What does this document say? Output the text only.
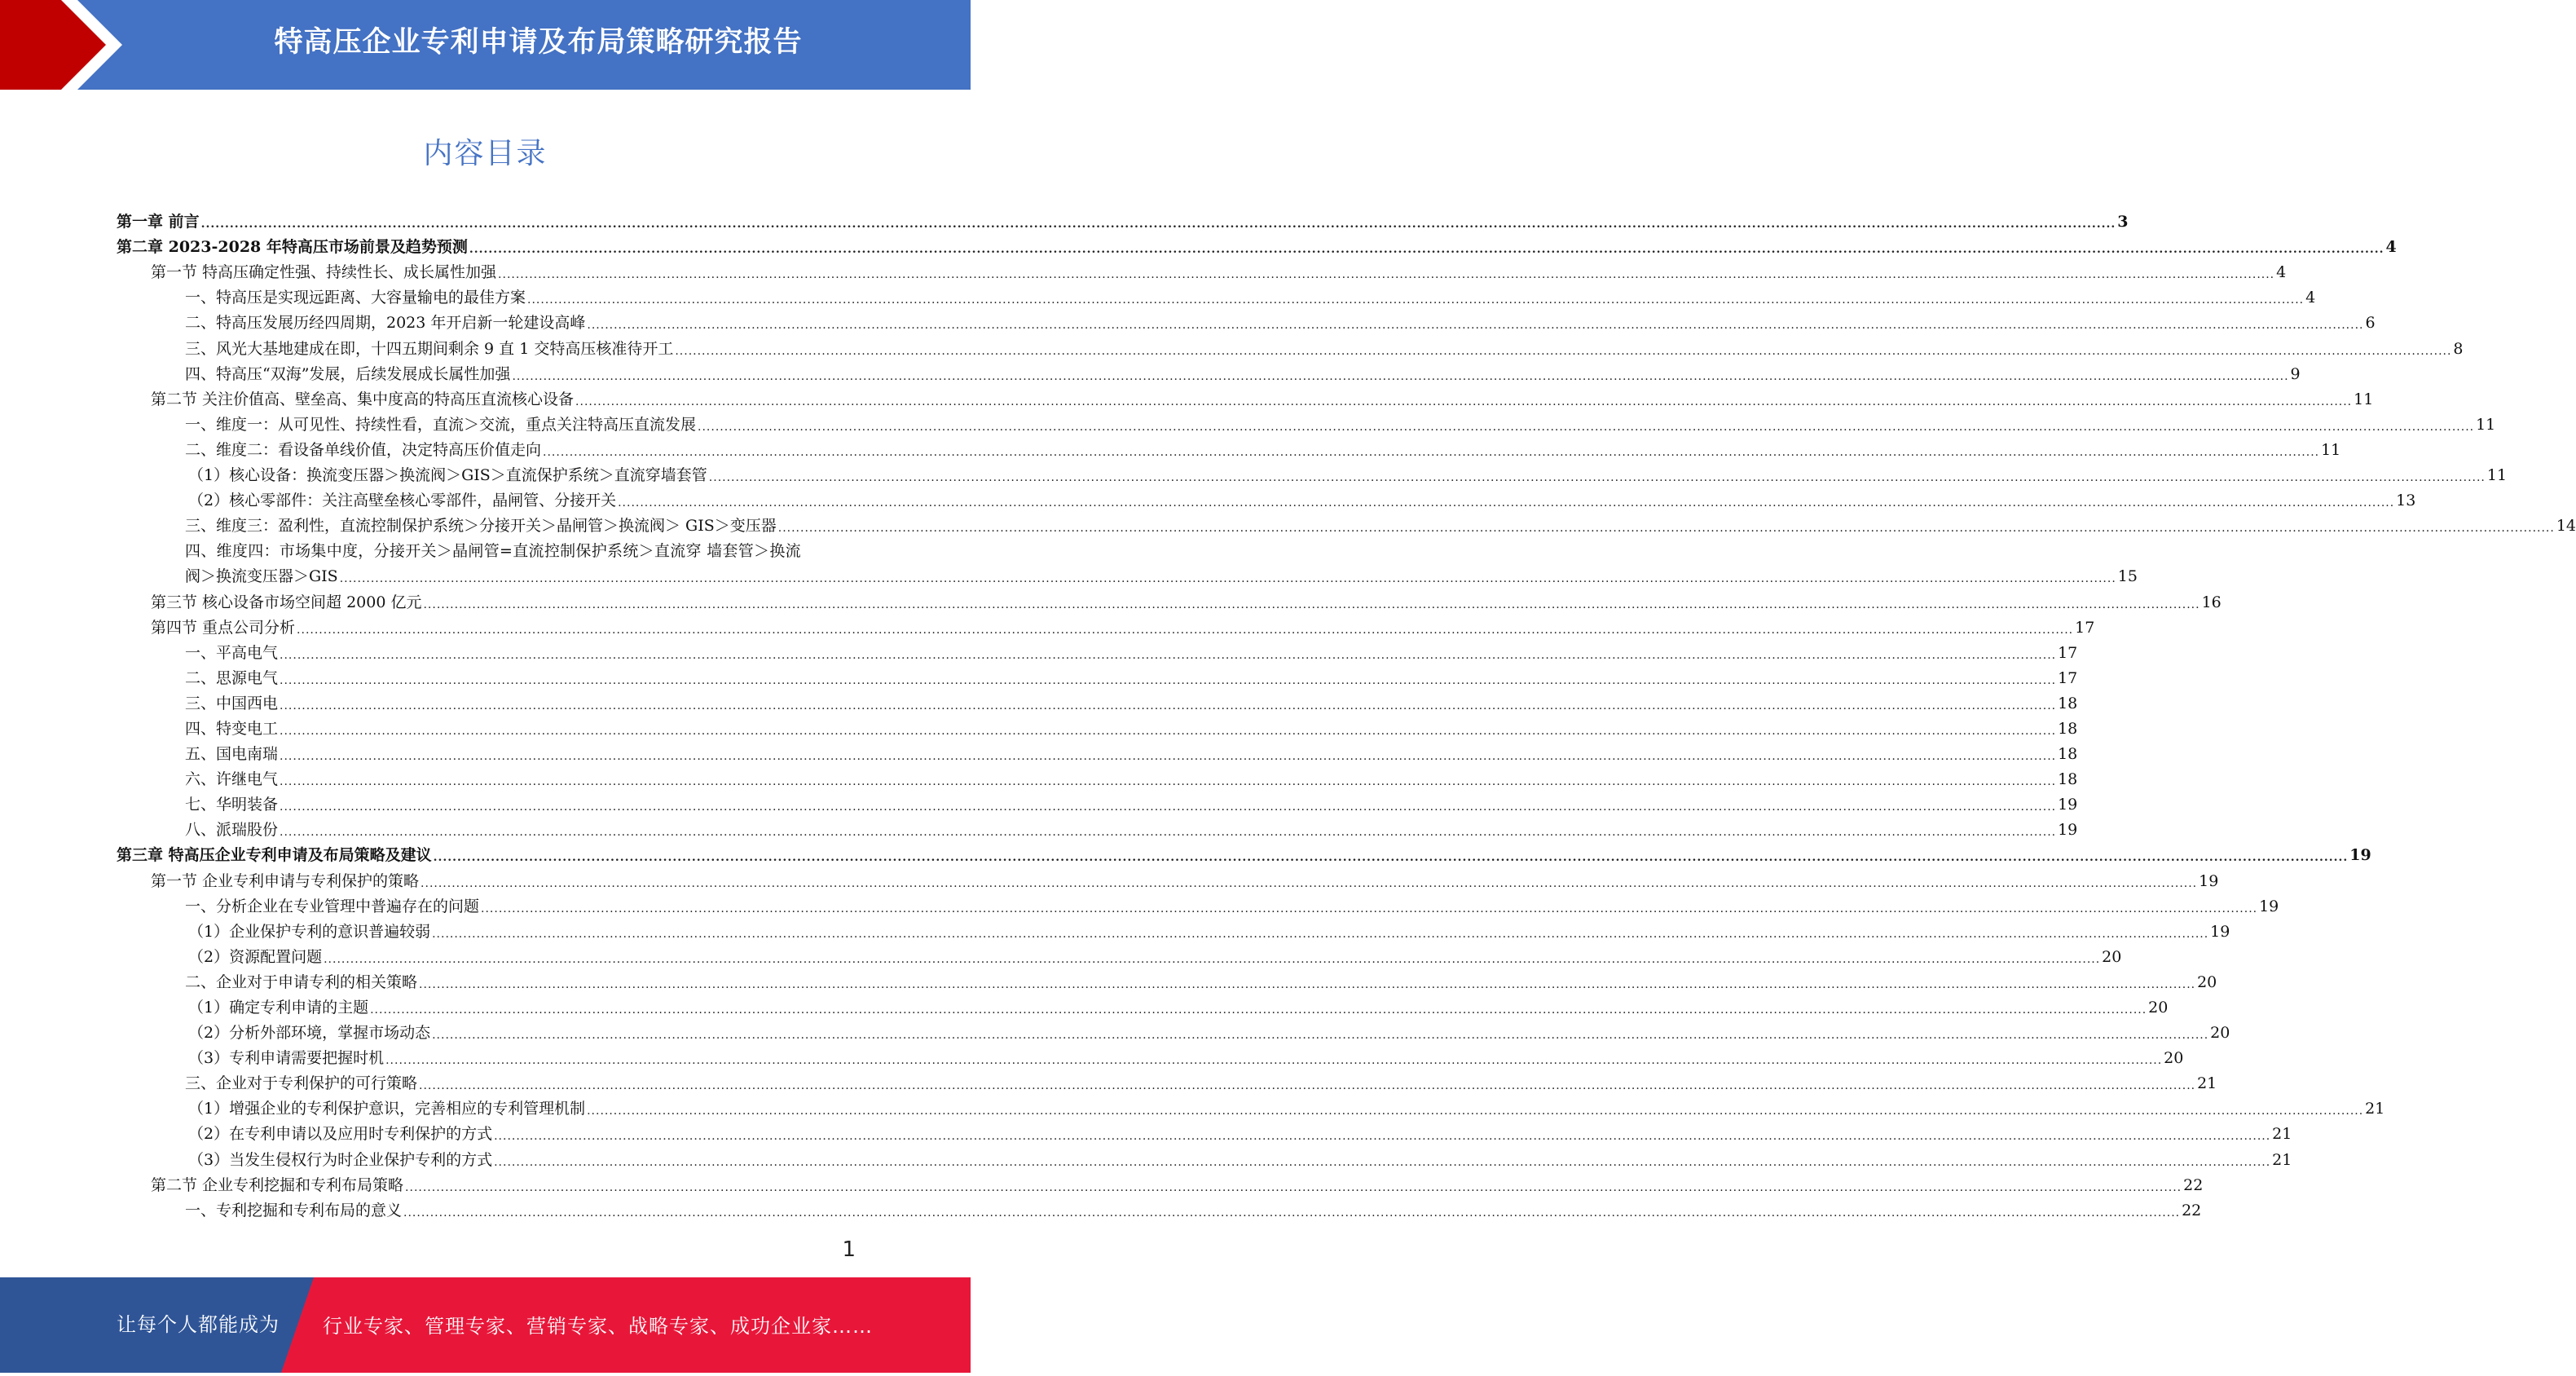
特高压企业专利申请及布局策略研究报告
内容目录
第一章 前言 ................................................................................................................................................................................................................................................................................................................................................................................................................ 3
第二章 2023-2028 年特高压市场前景及趋势预测 ................................................................................................................................................................................................................................................................................................................................................................................................................ 4
第一节 特高压确定性强、持续性长、成长属性加强 ................................................................................................................................................................................................................................................................................................................................................................................................................ 4
一、特高压是实现远距离、大容量输电的最佳方案 ................................................................................................................................................................................................................................................................................................................................................................................................................ 4
二、特高压发展历经四周期，2023 年开启新一轮建设高峰 ................................................................................................................................................................................................................................................................................................................................................................................................................ 6
三、风光大基地建成在即，十四五期间剩余 9 直 1 交特高压核准待开工 ................................................................................................................................................................................................................................................................................................................................................................................................................ 8
四、特高压“双海”发展，后续发展成长属性加强 ................................................................................................................................................................................................................................................................................................................................................................................................................ 9
第二节 关注价值高、壁垒高、集中度高的特高压直流核心设备 ................................................................................................................................................................................................................................................................................................................................................................................................................ 11
一、维度一：从可见性、持续性看，直流＞交流，重点关注特高压直流发展 ................................................................................................................................................................................................................................................................................................................................................................................................................ 11
二、维度二：看设备单线价值，决定特高压价值走向 ................................................................................................................................................................................................................................................................................................................................................................................................................ 11
（1）核心设备：换流变压器＞换流阀＞GIS＞直流保护系统＞直流穿墙套管 ................................................................................................................................................................................................................................................................................................................................................................................................................ 11
（2）核心零部件：关注高壁垒核心零部件，晶闸管、分接开关 ................................................................................................................................................................................................................................................................................................................................................................................................................ 13
三、维度三：盈利性，直流控制保护系统＞分接开关＞晶闸管＞换流阀＞ GIS＞变压器 ................................................................................................................................................................................................................................................................................................................................................................................................................ 14
四、维度四：市场集中度，分接开关＞晶闸管=直流控制保护系统＞直流穿 墙套管＞换流
阀＞换流变压器＞GIS ................................................................................................................................................................................................................................................................................................................................................................................................................ 15
第三节 核心设备市场空间超 2000 亿元 ................................................................................................................................................................................................................................................................................................................................................................................................................ 16
第四节 重点公司分析 ................................................................................................................................................................................................................................................................................................................................................................................................................ 17
一、平高电气 ................................................................................................................................................................................................................................................................................................................................................................................................................ 17
二、思源电气 ................................................................................................................................................................................................................................................................................................................................................................................................................ 17
三、中国西电 ................................................................................................................................................................................................................................................................................................................................................................................................................ 18
四、特变电工 ................................................................................................................................................................................................................................................................................................................................................................................................................ 18
五、国电南瑞 ................................................................................................................................................................................................................................................................................................................................................................................................................ 18
六、许继电气 ................................................................................................................................................................................................................................................................................................................................................................................................................ 18
七、华明装备 ................................................................................................................................................................................................................................................................................................................................................................................................................ 19
八、派瑞股份 ................................................................................................................................................................................................................................................................................................................................................................................................................ 19
第三章 特高压企业专利申请及布局策略及建议 ................................................................................................................................................................................................................................................................................................................................................................................................................ 19
第一节 企业专利申请与专利保护的策略 ................................................................................................................................................................................................................................................................................................................................................................................................................ 19
一、分析企业在专业管理中普遍存在的问题 ................................................................................................................................................................................................................................................................................................................................................................................................................ 19
（1）企业保护专利的意识普遍较弱 ................................................................................................................................................................................................................................................................................................................................................................................................................ 19
（2）资源配置问题 ................................................................................................................................................................................................................................................................................................................................................................................................................ 20
二、企业对于申请专利的相关策略 ................................................................................................................................................................................................................................................................................................................................................................................................................ 20
（1）确定专利申请的主题 ................................................................................................................................................................................................................................................................................................................................................................................................................ 20
（2）分析外部环境，掌握市场动态 ................................................................................................................................................................................................................................................................................................................................................................................................................ 20
（3）专利申请需要把握时机 ................................................................................................................................................................................................................................................................................................................................................................................................................ 20
三、企业对于专利保护的可行策略 ................................................................................................................................................................................................................................................................................................................................................................................................................ 21
（1）增强企业的专利保护意识，完善相应的专利管理机制 ................................................................................................................................................................................................................................................................................................................................................................................................................ 21
（2）在专利申请以及应用时专利保护的方式 ................................................................................................................................................................................................................................................................................................................................................................................................................ 21
（3）当发生侵权行为时企业保护专利的方式 ................................................................................................................................................................................................................................................................................................................................................................................................................ 21
第二节 企业专利挖掘和专利布局策略 ................................................................................................................................................................................................................................................................................................................................................................................................................ 22
一、专利挖掘和专利布局的意义 ................................................................................................................................................................................................................................................................................................................................................................................................................ 22
1
让每个人都能成为 行业专家、管理专家、营销专家、战略专家、成功企业家……
